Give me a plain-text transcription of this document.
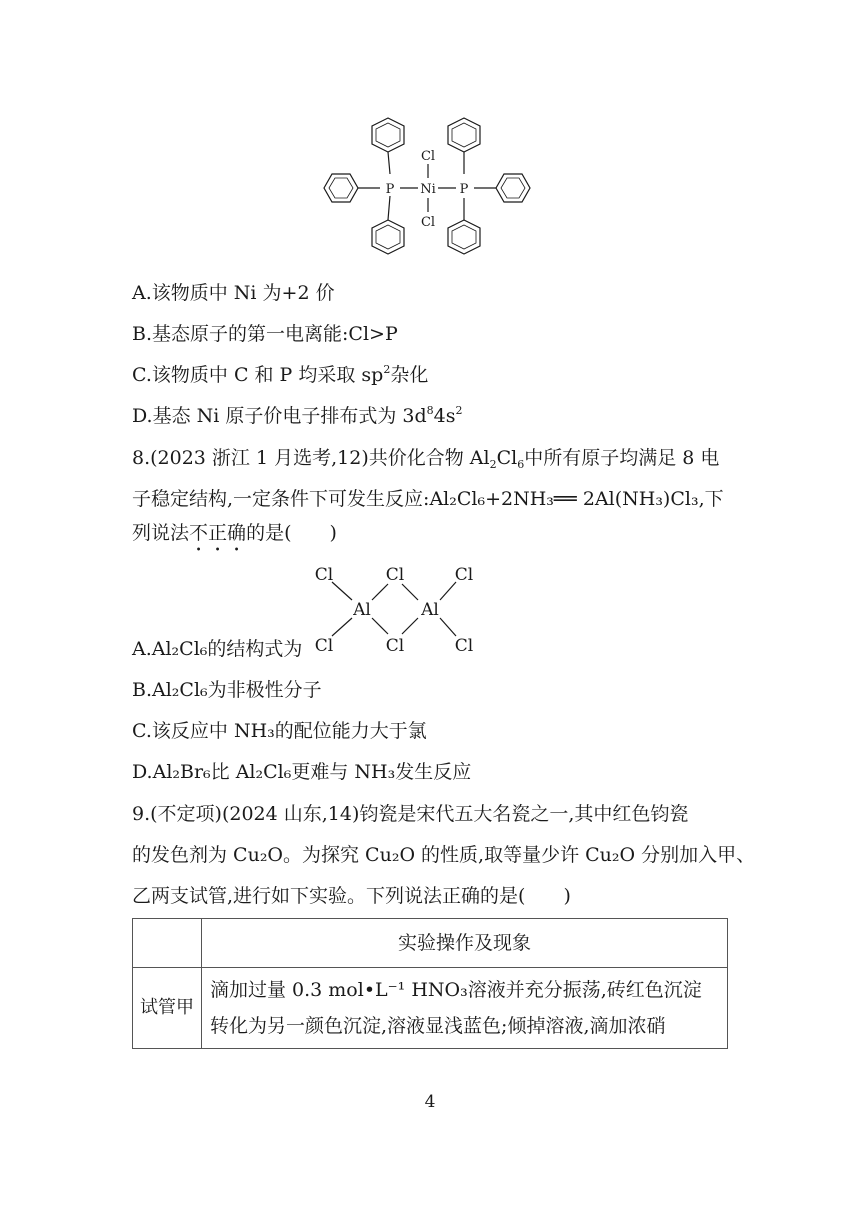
P Ni P
Cl
Cl
A.该物质中 Ni 为+2 价
B.基态原子的第一电离能:Cl>P
C.该物质中 C 和 P 均采取 $sp^2$杂化
D.基态 Ni 原子价电子排布式为 $3d^84s^2$
8.(2023 浙江 1 月选考,12)共价化合物 $Al_2Cl_6$中所有原子均满足 8 电
子稳定结构,一定条件下可发生反应:Al₂Cl₆+2NH₃══ 2Al(NH₃)Cl₃,下
列说法不正确的是(　　)
Cl	Cl	Cl
Al	Al
Cl	Cl	Cl
A.Al₂Cl₆的结构式为
B.Al₂Cl₆为非极性分子
C.该反应中 NH₃的配位能力大于氯
D.Al₂Br₆比 Al₂Cl₆更难与 NH₃发生反应
9.(不定项)(2024 山东,14)钧瓷是宋代五大名瓷之一,其中红色钧瓷
的发色剂为 Cu₂O。为探究 Cu₂O 的性质,取等量少许 Cu₂O 分别加入甲、
乙两支试管,进行如下实验。下列说法正确的是(　　)
	实验操作及现象
试管甲	滴加过量 0.3 mol•L⁻¹ HNO₃溶液并充分振荡,砖红色沉淀
转化为另一颜色沉淀,溶液显浅蓝色;倾掉溶液,滴加浓硝
4
